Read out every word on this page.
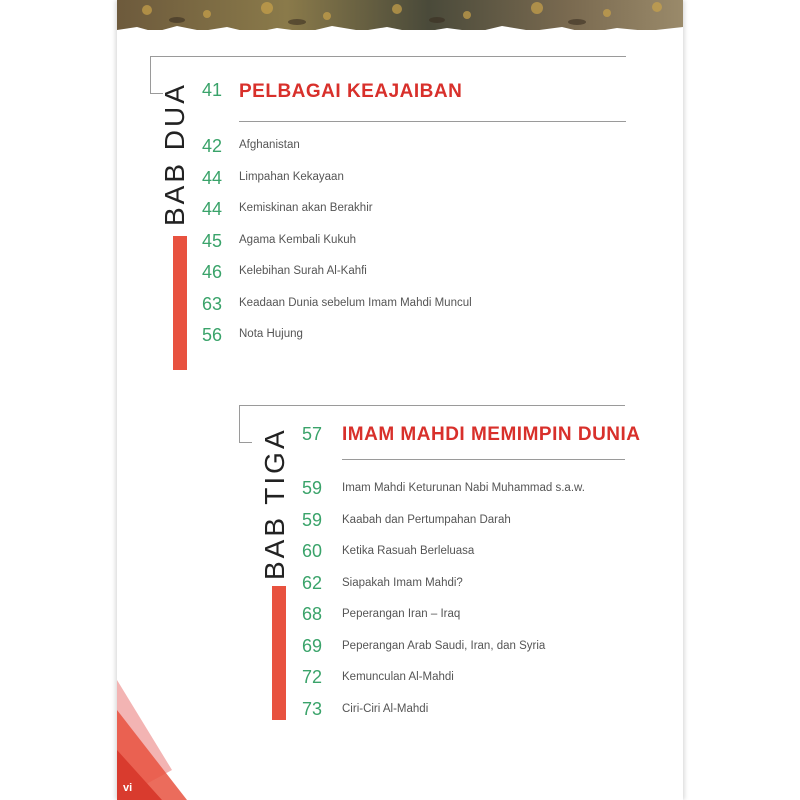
BAB DUA 41 PELBAGAI KEAJAIBAN
42	Afghanistan
44	Limpahan Kekayaan
44	Kemiskinan akan Berakhir
45	Agama Kembali Kukuh
46	Kelebihan Surah Al-Kahfi
63	Keadaan Dunia sebelum Imam Mahdi Muncul
56	Nota Hujung
BAB TIGA 57	IMAM MAHDI MEMIMPIN DUNIA
59	Imam Mahdi Keturunan Nabi Muhammad s.a.w.
59	Kaabah dan Pertumpahan Darah
60	Ketika Rasuah Berleluasa
62	Siapakah Imam Mahdi?
68	Peperangan Iran – Iraq
69	Peperangan Arab Saudi, Iran, dan Syria
72	Kemunculan Al-Mahdi
73	Ciri-Ciri Al-Mahdi
vi
